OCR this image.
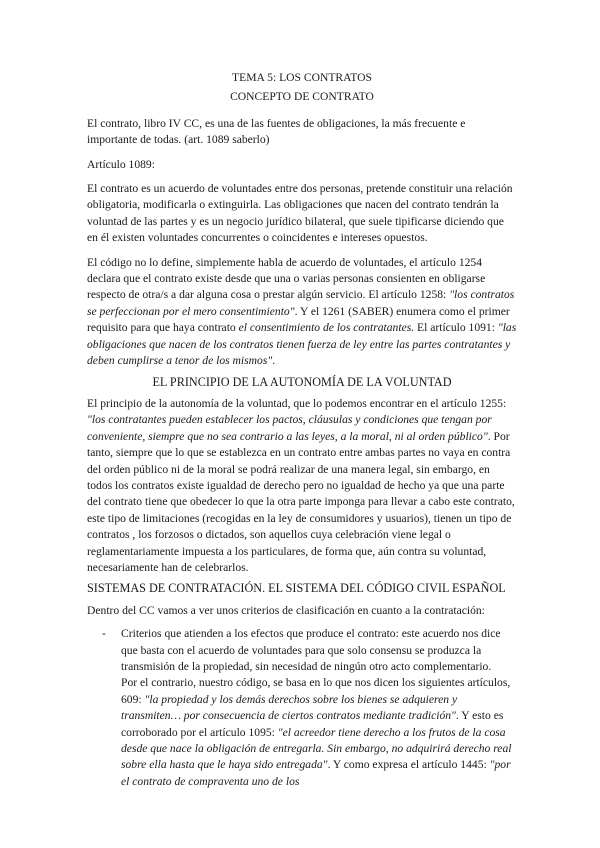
TEMA 5: LOS CONTRATOS

CONCEPTO DE CONTRATO

El contrato, libro IV CC, es una de las fuentes de obligaciones, la más frecuente e importante de todas. (art. 1089 saberlo)

Artículo 1089:

El contrato es un acuerdo de voluntades entre dos personas, pretende constituir una relación obligatoria, modificarla o extinguirla. Las obligaciones que nacen del contrato tendrán la voluntad de las partes y es un negocio jurídico bilateral, que suele tipificarse diciendo que en él existen voluntades concurrentes o coincidentes e intereses opuestos.

El código no lo define, simplemente habla de acuerdo de voluntades, el artículo 1254 declara que el contrato existe desde que una o varias personas consienten en obligarse respecto de otra/s a dar alguna cosa o prestar algún servicio. El artículo 1258: "los contratos se perfeccionan por el mero consentimiento". Y el 1261 (SABER) enumera como el primer requisito para que haya contrato el consentimiento de los contratantes. El artículo 1091: "las obligaciones que nacen de los contratos tienen fuerza de ley entre las partes contratantes y deben cumplirse a tenor de los mismos".

EL PRINCIPIO DE LA AUTONOMÍA DE LA VOLUNTAD

El principio de la autonomía de la voluntad, que lo podemos encontrar en el artículo 1255: "los contratantes pueden establecer los pactos, cláusulas y condiciones que tengan por conveniente, siempre que no sea contrario a las leyes, a la moral, ni al orden público". Por tanto, siempre que lo que se establezca en un contrato entre ambas partes no vaya en contra del orden público ni de la moral se podrá realizar de una manera legal, sin embargo, en todos los contratos existe igualdad de derecho pero no igualdad de hecho ya que una parte del contrato tiene que obedecer lo que la otra parte imponga para llevar a cabo este contrato, este tipo de limitaciones (recogidas en la ley de consumidores y usuarios), tienen un tipo de contratos , los forzosos o dictados, son aquellos cuya celebración viene legal o reglamentariamente impuesta a los particulares, de forma que, aún contra su voluntad, necesariamente han de celebrarlos.

SISTEMAS DE CONTRATACIÓN. EL SISTEMA DEL CÓDIGO CIVIL ESPAÑOL

Dentro del CC vamos a ver unos criterios de clasificación en cuanto a la contratación:

- Criterios que atienden a los efectos que produce el contrato: este acuerdo nos dice que basta con el acuerdo de voluntades para que solo consensu se produzca la transmisión de la propiedad, sin necesidad de ningún otro acto complementario.

Por el contrario, nuestro código, se basa en lo que nos dicen los siguientes artículos, 609: "la propiedad y los demás derechos sobre los bienes se adquieren y transmiten… por consecuencia de ciertos contratos mediante tradición". Y esto es corroborado por el artículo 1095: "el acreedor tiene derecho a los frutos de la cosa desde que nace la obligación de entregarla. Sin embargo, no adquirirá derecho real sobre ella hasta que le haya sido entregada". Y como expresa el artículo 1445: "por el contrato de compraventa uno de los
